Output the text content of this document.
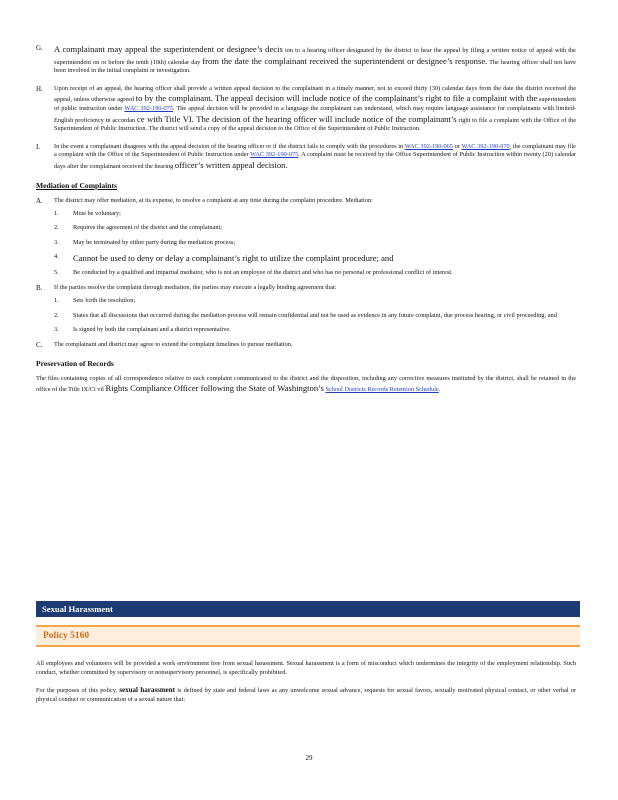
G.	A complainant may appeal the superintendent or designee’s decis ion to a hearing officer designated by the district to hear the appeal by filing a written notice of appeal with the superintendent on or before the tenth (10th) calendar day from the date the complainant received the superintendent or designee’s response. The hearing officer shall not have been involved in the initial complaint or investigation.
H.	Upon receipt of an appeal, the hearing officer shall provide a written appeal decision to the complainant in a timely manner, not to exceed thirty (30) calendar days from the date the district received the appeal, unless otherwise agreed to by the complainant. The appeal decision will include notice of the complainant’s right to file a complaint with the superintendent of public instruction under WAC 392-190-075. The appeal decision will be provided in a language the complainant can understand, which may require language assistance for complainants with limited-English proficiency in accordan ce with Title VI. The decision of the hearing officer will include notice of the complainant’s right to file a complaint with the Office of the Superintendent of Public Instruction. The district will send a copy of the appeal decision to the Office of the Superintendent of Public Instruction.
I.	In the event a complainant disagrees with the appeal decision of the hearing officer or if the district fails to comply with the procedures in WAC 392-190-065 or WAC 392-190-070, the complainant may file a complaint with the Office of the Superintendent of Public Instruction under WAC 392-190-075. A complaint must be received by the Office Superintendent of Public Instruction within twenty (20) calendar days after the complainant received the hearing officer’s written appeal decision.
Mediation of Complaints
A.	The district may offer mediation, at its expense, to resolve a complaint at any time during the complaint procedure. Mediation:
1.	Must be voluntary;
2.	Requires the agreement of the district and the complainant;
3.	May be terminated by either party during the mediation process;
4.	Cannot be used to deny or delay a complainant’s right to utilize the complaint procedure; and
5.	Be conducted by a qualified and impartial mediator, who is not an employee of the district and who has no personal or professional conflict of interest.
B.	If the parties resolve the complaint through mediation, the parties may execute a legally binding agreement that:
1.	Sets forth the resolution;
2.	States that all discussions that occurred during the mediation process will remain confidential and not be used as evidence in any future complaint, due process hearing, or civil proceeding; and
3.	Is signed by both the complainant and a district representative.
C.	The complainant and district may agree to extend the complaint timelines to pursue mediation.
Preservation of Records
The files containing copies of all correspondence relative to each complaint communicated to the district and the disposition, including any corrective measures instituted by the district, shall be retained in the office of the Title IX/Ci vil Rights Compliance Officer following the State of Washington’s School Districts Records Retention Schedule.
Sexual Harassment
Policy 5160
All employees and volunteers will be provided a work environment free from sexual harassment. Sexual harassment is a form of misconduct which undermines the integrity of the employment relationship. Such conduct, whether committed by supervisory or nonsupervisory personnel, is specifically prohibited.
For the purposes of this policy, sexual harassment is defined by state and federal laws as any unwelcome sexual advance, requests for sexual favors, sexually motivated physical contact, or other verbal or physical conduct or communication of a sexual nature that:
29
